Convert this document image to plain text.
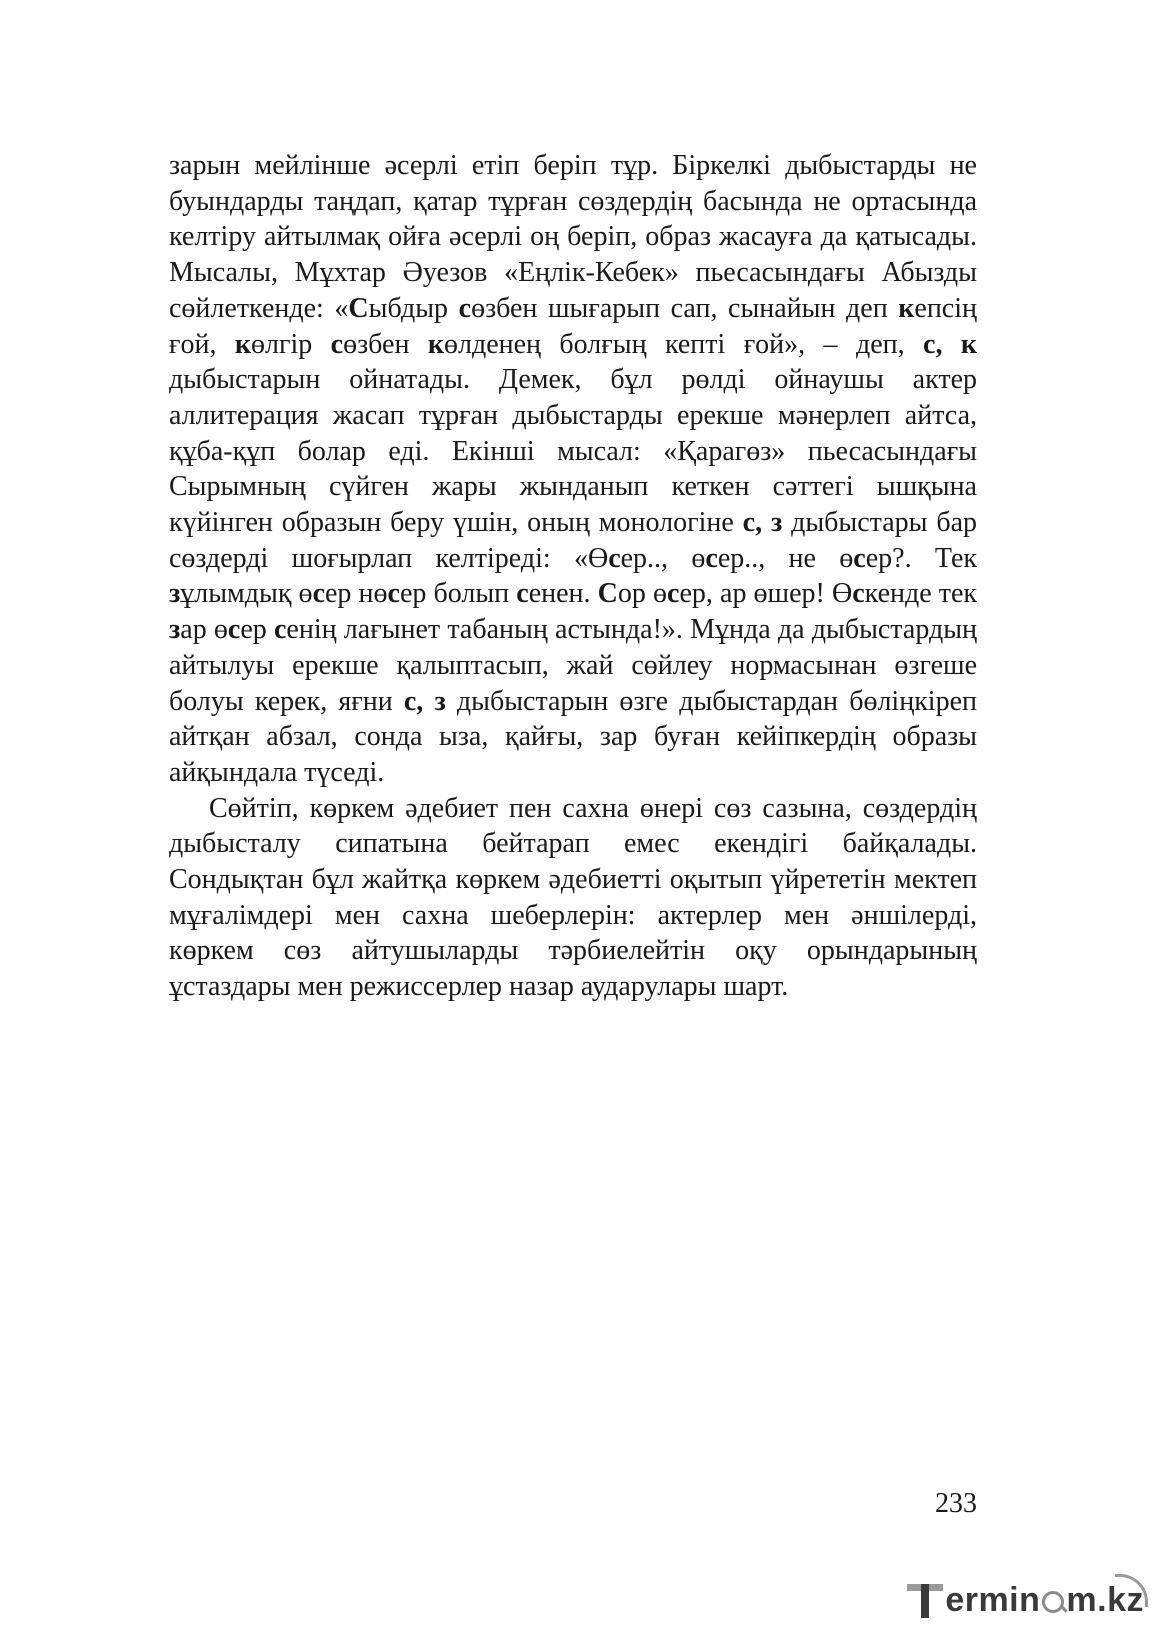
зарын мейлінше әсерлі етіп беріп тұр. Біркелкі дыбыстарды не буындарды таңдап, қатар тұрған сөздердің басында не ортасында келтіру айтылмақ ойға әсерлі оң беріп, образ жасауға да қатысады. Мысалы, Мұхтар Әуезов «Еңлік-Кебек» пьесасындағы Абызды сөйлеткенде: «Сыбдыр сөзбен шығарып сап, сынайын деп кепсің ғой, көлгір сөзбен көлденең болғың кепті ғой», – деп, с, к дыбыстарын ойнатады. Демек, бұл рөлді ойнаушы актер аллитерация жасап тұрған дыбыстарды ерекше мәнерлеп айтса, құба-құп болар еді. Екінші мысал: «Қарагөз» пьесасындағы Сырымның сүйген жары жынданып кеткен сәттегі ышқына күйінген образын беру үшін, оның монологіне с, з дыбыстары бар сөздерді шоғырлап келтіреді: «Өсер.., өсер.., не өсер?. Тек зұлымдық өсер нөсер болып сенен. Сор өсер, ар өшер! Өскенде тек зар өсер сенің лағынет табаның астында!». Мұнда да дыбыстардың айтылуы ерекше қалыптасып, жай сөйлеу нормасынан өзгеше болуы керек, яғни с, з дыбыстарын өзге дыбыстардан бөліңкіреп айтқан абзал, сонда ыза, қайғы, зар буған кейіпкердің образы айқындала түседі.

Сөйтіп, көркем әдебиет пен сахна өнері сөз сазына, сөздердің дыбысталу сипатына бейтарап емес екендігі байқалады. Сондықтан бұл жайтқа көркем әдебиетті оқытып үйрететін мектеп мұғалімдері мен сахна шеберлерін: актерлер мен әншілерді, көркем сөз айтушыларды тәрбиелейтін оқу орындарының ұстаздары мен режиссерлер назар аударулары шарт.

233
ermin m.kz
